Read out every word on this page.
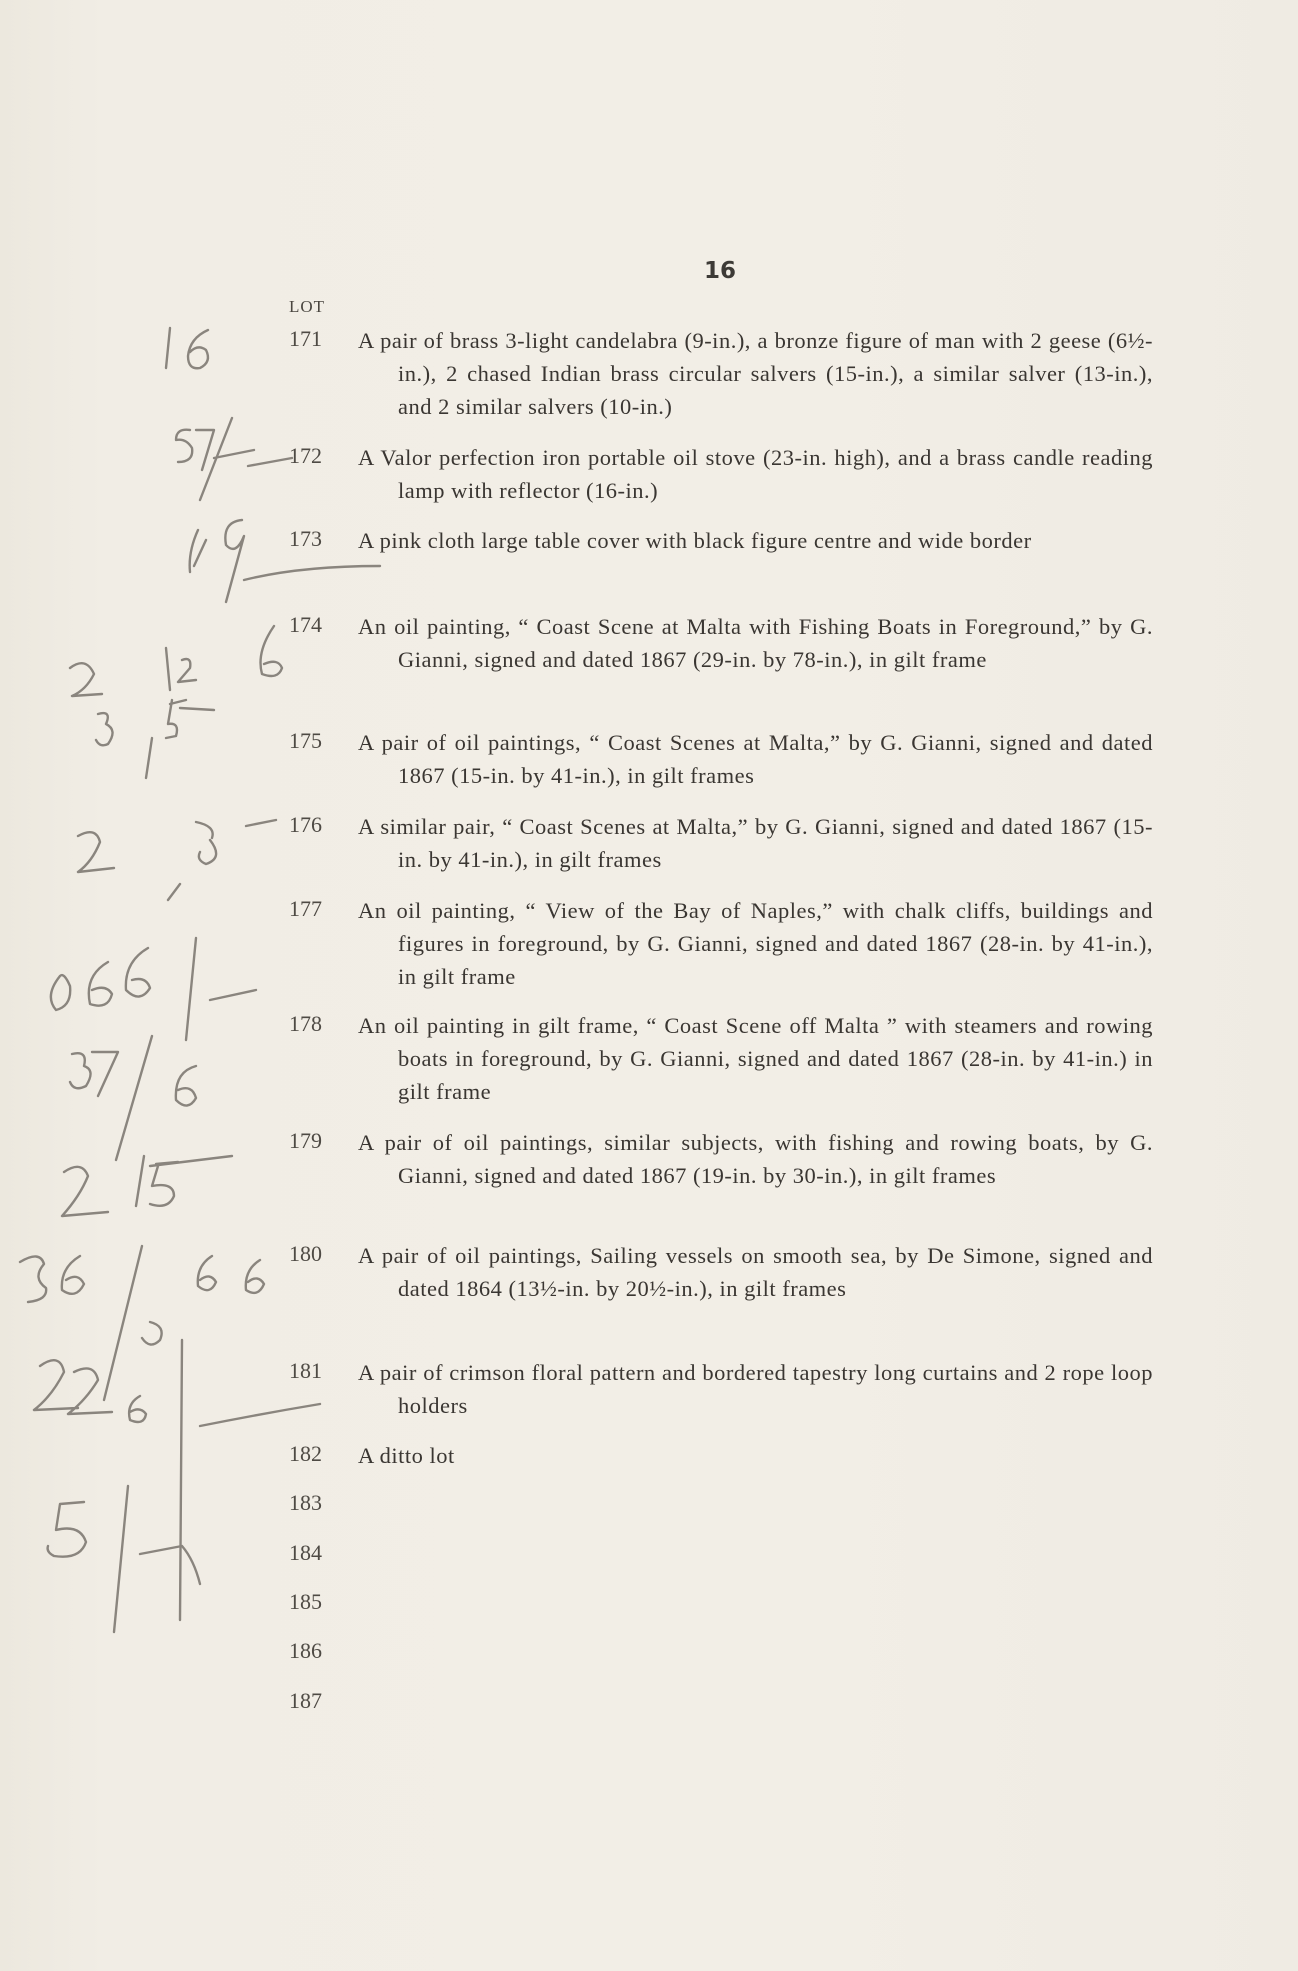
16
LOT
171
172
173
174
175
176
177
178
179
180
181
182
183
184
185
186
187
A pair of brass 3-light candelabra (9-in.), a bronze figure of man with 2 geese (6½-in.), 2 chased Indian brass circular salvers (15-in.), a similar salver (13-in.), and 2 similar salvers (10-in.)
A Valor perfection iron portable oil stove (23-in. high), and a brass candle reading lamp with reflector (16-in.)
A pink cloth large table cover with black figure centre and wide border
An oil painting, “ Coast Scene at Malta with Fishing Boats in Foreground,” by G. Gianni, signed and dated 1867 (29-in. by 78-in.), in gilt frame
A pair of oil paintings, “ Coast Scenes at Malta,” by G. Gianni, signed and dated 1867 (15-in. by 41-in.), in gilt frames
A similar pair, “ Coast Scenes at Malta,” by G. Gianni, signed and dated 1867 (15-in. by 41-in.), in gilt frames
An oil painting, “ View of the Bay of Naples,” with chalk cliffs, buildings and figures in foreground, by G. Gianni, signed and dated 1867 (28-in. by 41-in.), in gilt frame
An oil painting in gilt frame, “ Coast Scene off Malta ” with steamers and rowing boats in foreground, by G. Gianni, signed and dated 1867 (28-in. by 41-in.) in gilt frame
A pair of oil paintings, similar subjects, with fishing and rowing boats, by G. Gianni, signed and dated 1867 (19-in. by 30-in.), in gilt frames
A pair of oil paintings, Sailing vessels on smooth sea, by De Simone, signed and dated 1864 (13½-in. by 20½-in.), in gilt frames
A pair of crimson floral pattern and bordered tapestry long curtains and 2 rope loop holders
A ditto lot
